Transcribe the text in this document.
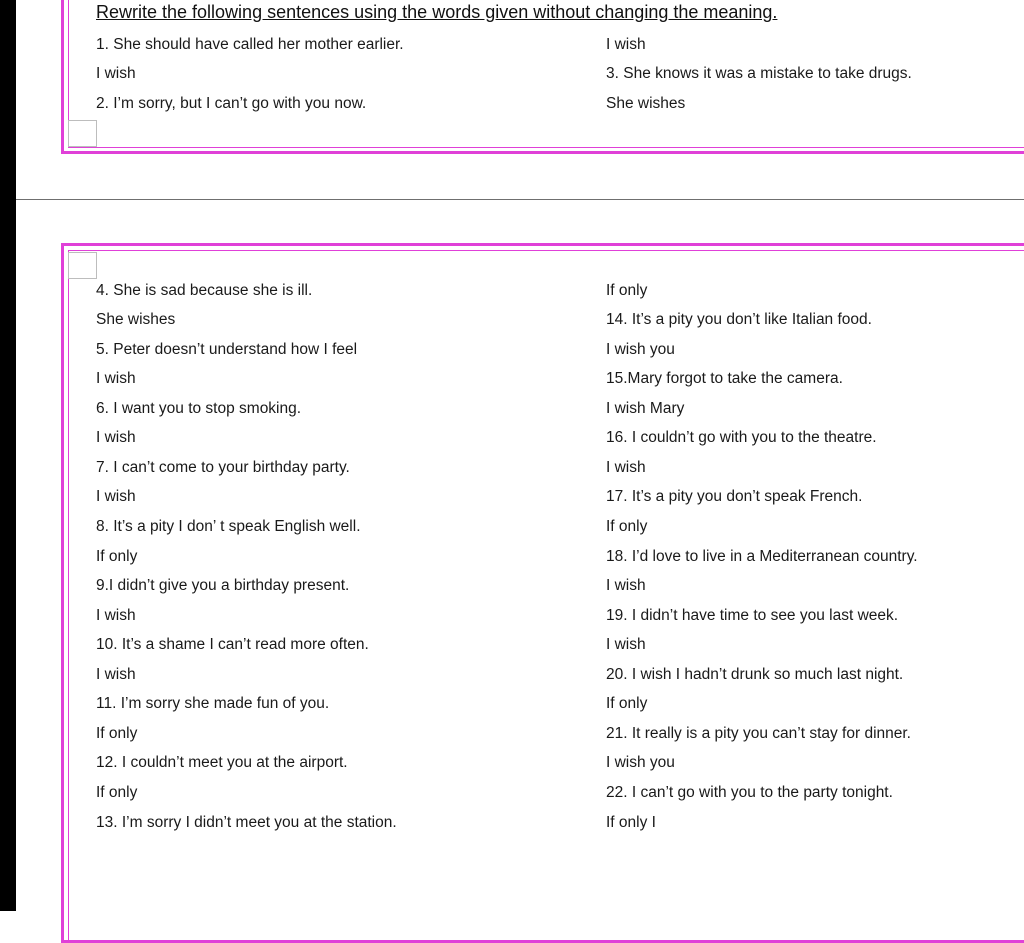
Rewrite the following sentences using the words given without changing the meaning.
1. She should have called her mother earlier.
I wish
2. I’m sorry, but I can’t go with you now.
I wish
3. She knows it was a mistake to take drugs.
She wishes
4. She is sad because she is ill.
She wishes
5. Peter doesn’t understand how I feel
I wish
6. I want you to stop smoking.
I wish
7. I can’t come to your birthday party.
I wish
8. It’s a pity I don’ t speak English well.
If only
9.I didn’t give you a birthday present.
I wish
10. It’s a shame I can’t read more often.
I wish
11. I’m sorry she made fun of you.
If only
12. I couldn’t meet you at the airport.
If only
13. I’m sorry I didn’t meet you at the station.
If only
14. It’s a pity you don’t like Italian food.
I wish you
15.Mary forgot to take the camera.
I wish Mary
16. I couldn’t go with you to the theatre.
I wish
17. It’s a pity you don’t speak French.
If only
18. I’d love to live in a Mediterranean country.
I wish
19. I didn’t have time to see you last week.
I wish
20. I wish I hadn’t drunk so much last night.
If only
21. It really is a pity you can’t stay for dinner.
I wish you
22. I can’t go with you to the party tonight.
If only I
